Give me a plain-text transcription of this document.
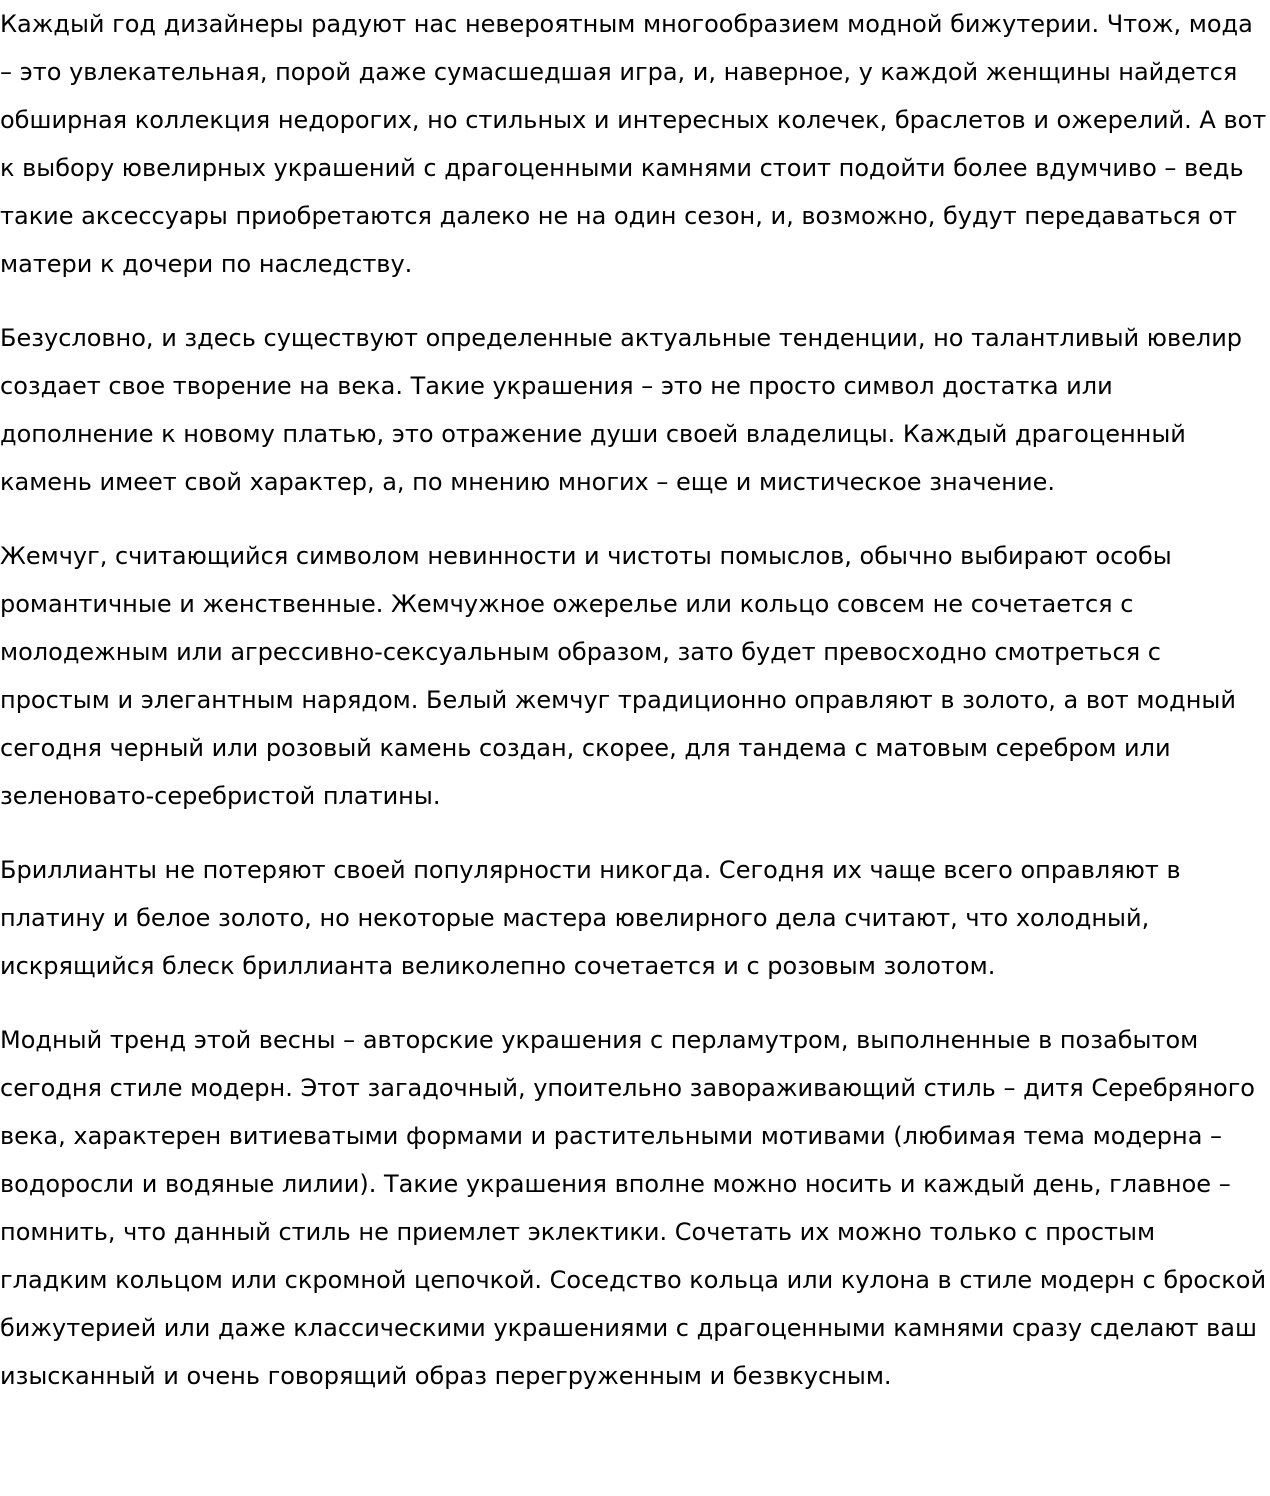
Каждый год дизайнеры радуют нас невероятным многообразием модной бижутерии. Чтож, мода – это увлекательная, порой даже сумасшедшая игра, и, наверное, у каждой женщины найдется обширная коллекция недорогих, но стильных и интересных колечек, браслетов и ожерелий. А вот к выбору ювелирных украшений с драгоценными камнями стоит подойти более вдумчиво – ведь такие аксессуары приобретаются далеко не на один сезон, и, возможно, будут передаваться от матери к дочери по наследству.

Безусловно, и здесь существуют определенные актуальные тенденции, но талантливый ювелир создает свое творение на века. Такие украшения – это не просто символ достатка или дополнение к новому платью, это отражение души своей владелицы. Каждый драгоценный камень имеет свой характер, а, по мнению многих – еще и мистическое значение.

Жемчуг, считающийся символом невинности и чистоты помыслов, обычно выбирают особы романтичные и женственные. Жемчужное ожерелье или кольцо совсем не сочетается с молодежным или агрессивно-сексуальным образом, зато будет превосходно смотреться с простым и элегантным нарядом. Белый жемчуг традиционно оправляют в золото, а вот модный сегодня черный или розовый камень создан, скорее, для тандема с матовым серебром или зеленовато-серебристой платины.

Бриллианты не потеряют своей популярности никогда. Сегодня их чаще всего оправляют в платину и белое золото, но некоторые мастера ювелирного дела считают, что холодный, искрящийся блеск бриллианта великолепно сочетается и с розовым золотом.

Модный тренд этой весны – авторские украшения с перламутром, выполненные в позабытом сегодня стиле модерн. Этот загадочный, упоительно завораживающий стиль – дитя Серебряного века, характерен витиеватыми формами и растительными мотивами (любимая тема модерна – водоросли и водяные лилии). Такие украшения вполне можно носить и каждый день, главное – помнить, что данный стиль не приемлет эклектики. Сочетать их можно только с простым гладким кольцом или скромной цепочкой. Соседство кольца или кулона в стиле модерн с броской бижутерией или даже классическими украшениями с драгоценными камнями сразу сделают ваш изысканный и очень говорящий образ перегруженным и безвкусным.
